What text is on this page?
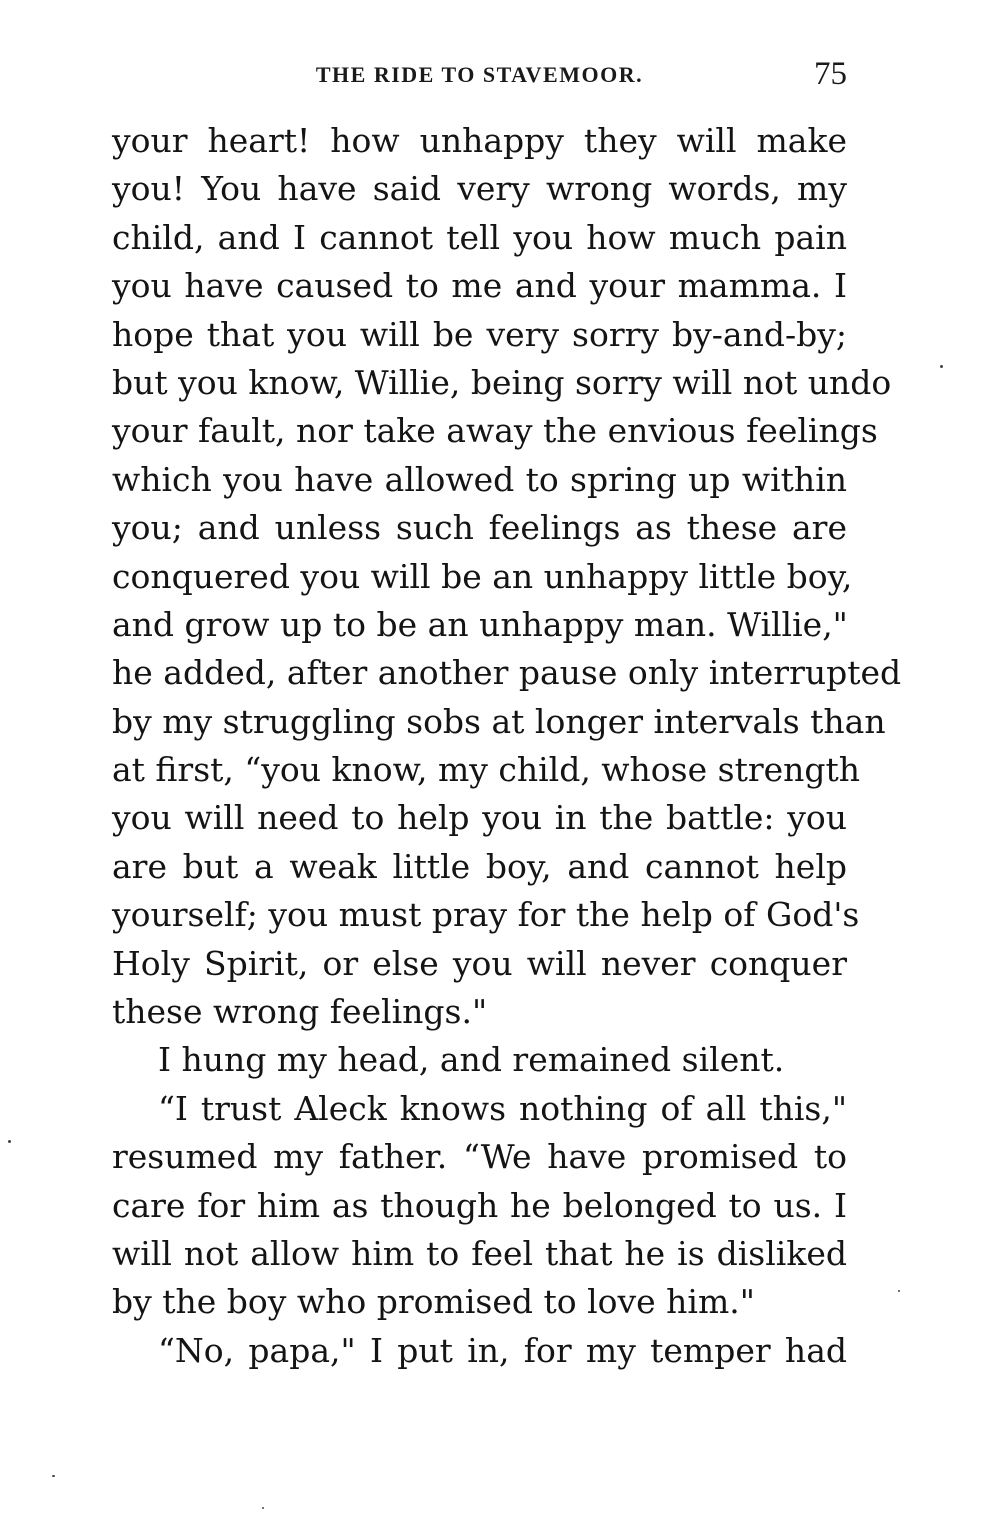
THE RIDE TO STAVEMOOR.	75
your heart! how unhappy they will make
you! You have said very wrong words, my
child, and I cannot tell you how much pain
you have caused to me and your mamma. I
hope that you will be very sorry by-and-by;
but you know, Willie, being sorry will not undo
your fault, nor take away the envious feelings
which you have allowed to spring up within
you; and unless such feelings as these are
conquered you will be an unhappy little boy,
and grow up to be an unhappy man. Willie,"
he added, after another pause only interrupted
by my struggling sobs at longer intervals than
at first, “you know, my child, whose strength
you will need to help you in the battle: you
are but a weak little boy, and cannot help
yourself; you must pray for the help of God's
Holy Spirit, or else you will never conquer
these wrong feelings."
I hung my head, and remained silent.
“I trust Aleck knows nothing of all this,"
resumed my father. “We have promised to
care for him as though he belonged to us. I
will not allow him to feel that he is disliked
by the boy who promised to love him."
“No, papa," I put in, for my temper had
